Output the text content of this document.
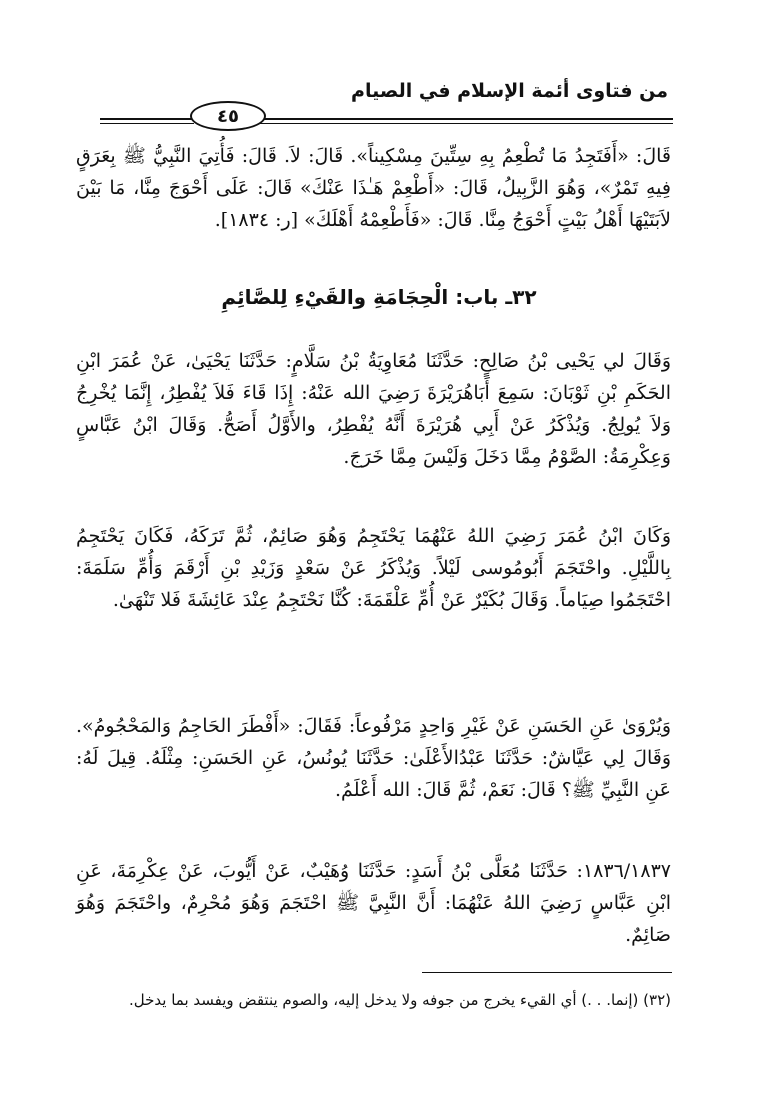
من فتاوى أئمة الإسلام في الصيام
٤٥
قَالَ: «أَفَتَجِدُ مَا تُطْعِمُ بِهِ سِتِّينَ مِسْكِيناً». قَالَ: لاَ. قَالَ: فَأُتِيَ النَّبِيُّ ﷺ بِعَرَقٍ فِيهِ تَمْرٌ»، وَهُوَ الزَّبِيلُ، قَالَ: «أَطْعِمْ هَـٰذَا عَنْكَ» قَالَ: عَلَى أَحْوَجَ مِنَّا، مَا بَيْنَ لاَبَتَيْهَا أَهْلُ بَيْتٍ أَحْوَجُ مِنَّا. قَالَ: «فَأَطْعِمْهُ أَهْلَكَ» [ر: ١٨٣٤].
٣٢ـ باب: الْحِجَامَةِ والقَيْءِ لِلصَّائِمِ
وَقَالَ لي يَحْيى بْنُ صَالِحٍ: حَدَّثَنَا مُعَاوِيَةُ بْنُ سَلَّامٍ: حَدَّثَنَا يَحْيَىٰ، عَنْ عُمَرَ ابْنِ الحَكَمِ بْنِ ثَوْبَانَ: سَمِعَ أَبَاهُرَيْرَةَ رَضِيَ الله عَنْهُ: إِذَا قَاءَ فَلاَ يُفْطِرُ، إِنَّمَا يُخْرِجُ وَلاَ يُولِجُ. وَيُذْكَرُ عَنْ أَبِي هُرَيْرَةَ أَنَّهُ يُفْطِرُ، والأَوَّلُ أَصَحُّ. وَقَالَ ابْنُ عَبَّاسٍ وَعِكْرِمَةُ: الصَّوْمُ مِمَّا دَخَلَ وَلَيْسَ مِمَّا خَرَجَ.
وَكَانَ ابْنُ عُمَرَ رَضِيَ اللهُ عَنْهُمَا يَحْتَجِمُ وَهُوَ صَائِمٌ، ثُمَّ تَرَكَهُ، فَكَانَ يَحْتَجِمُ بِاللَّيْلِ. واحْتَجَمَ أَبُومُوسى لَيْلاً. وَيُذْكَرُ عَنْ سَعْدٍ وَزَيْدِ بْنِ أَرْقَمَ وَأُمِّ سَلَمَةَ: احْتَجَمُوا صِيَاماً. وَقَالَ بُكَيْرٌ عَنْ أُمِّ عَلْقَمَةَ: كُنَّا نَحْتَجِمُ عِنْدَ عَائِشَةَ فَلا تَنْهَىٰ.
وَيُرْوَىٰ عَنِ الحَسَنِ عَنْ غَيْرِ وَاحِدٍ مَرْفُوعاً: فَقَالَ: «أَفْطَرَ الحَاجِمُ وَالمَحْجُومُ». وَقَالَ لِي عَيَّاشٌ: حَدَّثَنَا عَبْدُالأَعْلَىٰ: حَدَّثَنَا يُونُسُ، عَنِ الحَسَنِ: مِثْلَهُ. قِيلَ لَهُ: عَنِ النَّبِيِّ ﷺ؟ قَالَ: نَعَمْ، ثُمَّ قَالَ: الله أَعْلَمُ.
١٨٣٦/١٨٣٧: حَدَّثَنَا مُعَلَّى بْنُ أَسَدٍ: حَدَّثَنَا وُهَيْبٌ، عَنْ أَيُّوبَ، عَنْ عِكْرِمَةَ، عَنِ ابْنِ عَبَّاسٍ رَضِيَ اللهُ عَنْهُمَا: أَنَّ النَّبِيَّ ﷺ احْتَجَمَ وَهُوَ مُحْرِمٌ، واحْتَجَمَ وَهُوَ صَائِمٌ.
(٣٢) (إنما. . .) أي القيء يخرج من جوفه ولا يدخل إليه، والصوم ينتقض ويفسد بما يدخل.
